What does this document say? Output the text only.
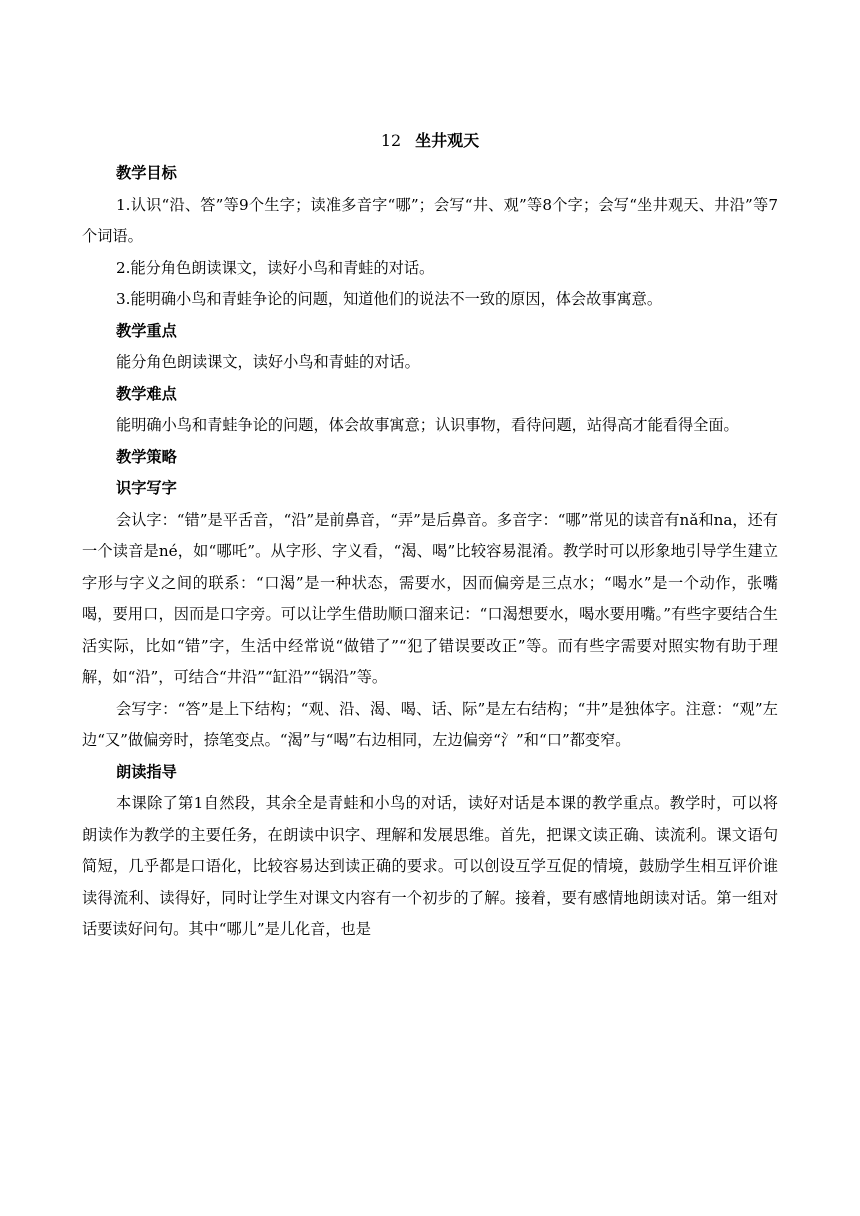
12 坐井观天
教学目标

1.认识“沿、答”等9个生字；读准多音字“哪”；会写“井、观”等8个字；会写“坐井观天、井沿”等7个词语。

2.能分角色朗读课文，读好小鸟和青蛙的对话。

3.能明确小鸟和青蛙争论的问题，知道他们的说法不一致的原因，体会故事寓意。

教学重点

能分角色朗读课文，读好小鸟和青蛙的对话。

教学难点

能明确小鸟和青蛙争论的问题，体会故事寓意；认识事物，看待问题，站得高才能看得全面。

教学策略
识字写字

会认字：“错”是平舌音，“沿”是前鼻音，“弄”是后鼻音。多音字：“哪”常见的读音有nǎ和na，还有一个读音是né，如“哪吒”。从字形、字义看，“渴、喝”比较容易混淆。教学时可以形象地引导学生建立字形与字义之间的联系：“口渴”是一种状态，需要水，因而偏旁是三点水；“喝水”是一个动作，张嘴喝，要用口，因而是口字旁。可以让学生借助顺口溜来记：“口渴想要水，喝水要用嘴。”有些字要结合生活实际，比如“错”字，生活中经常说“做错了”“犯了错误要改正”等。而有些字需要对照实物有助于理解，如“沿”，可结合“井沿”“缸沿”“锅沿”等。

会写字：“答”是上下结构；“观、沿、渴、喝、话、际”是左右结构；“井”是独体字。注意：“观”左边“又”做偏旁时，捺笔变点。“渴”与“喝”右边相同，左边偏旁“氵”和“口”都变窄。

朗读指导

本课除了第1自然段，其余全是青蛙和小鸟的对话，读好对话是本课的教学重点。教学时，可以将朗读作为教学的主要任务，在朗读中识字、理解和发展思维。首先，把课文读正确、读流利。课文语句简短，几乎都是口语化，比较容易达到读正确的要求。可以创设互学互促的情境，鼓励学生相互评价谁读得流利、读得好，同时让学生对课文内容有一个初步的了解。接着，要有感情地朗读对话。第一组对话要读好问句。其中“哪儿”是儿化音，也是
